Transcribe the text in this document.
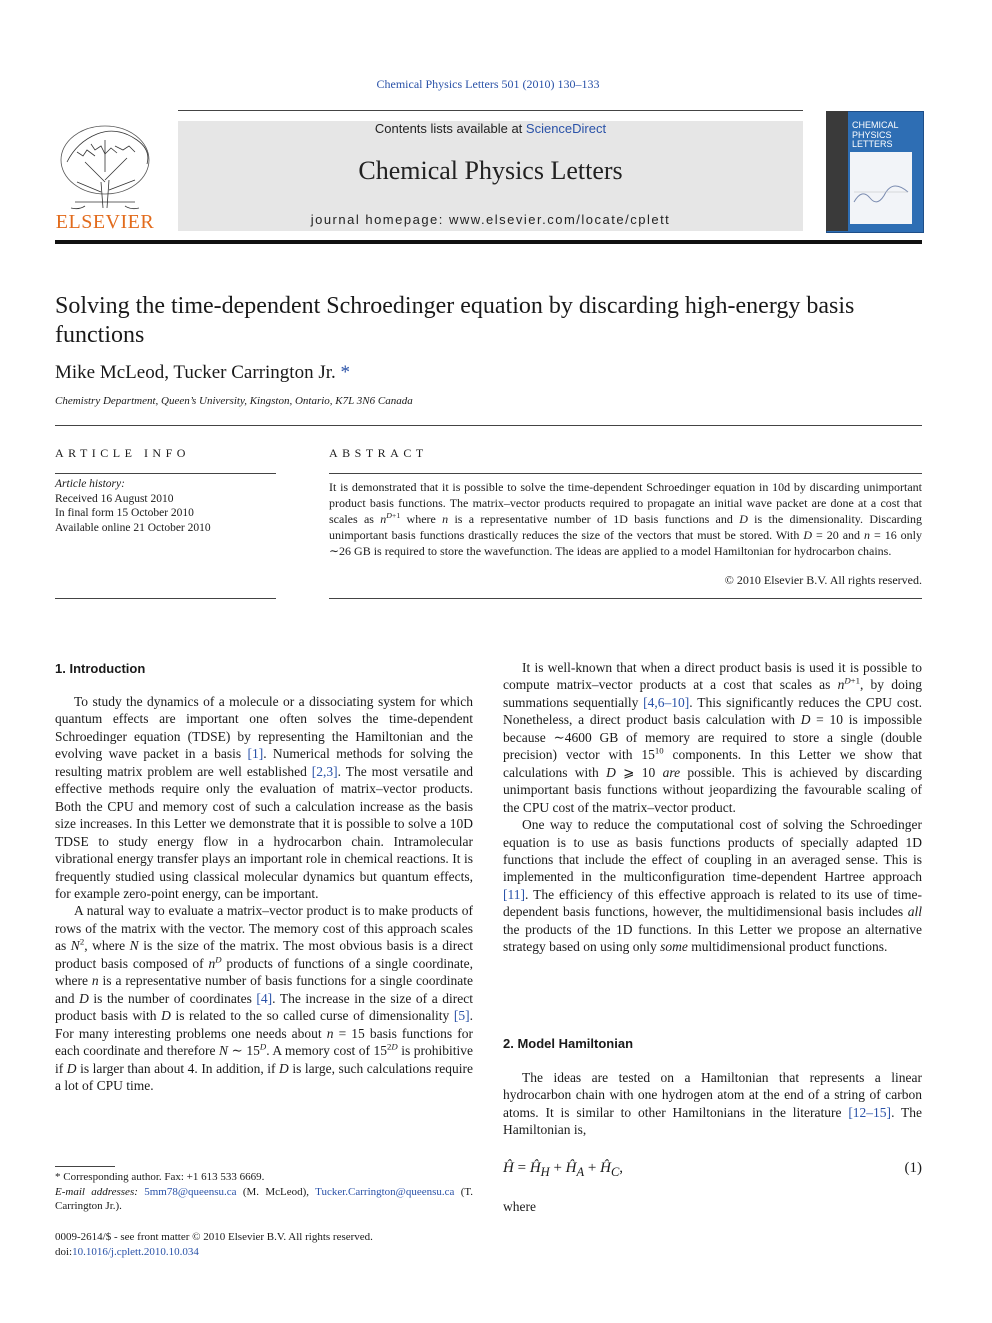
Chemical Physics Letters 501 (2010) 130–133
Contents lists available at ScienceDirect
Chemical Physics Letters
journal homepage: www.elsevier.com/locate/cplett
ELSEVIER
CHEMICAL PHYSICS LETTERS
Solving the time-dependent Schroedinger equation by discarding high-energy basis functions
Mike McLeod, Tucker Carrington Jr. *
Chemistry Department, Queen’s University, Kingston, Ontario, K7L 3N6 Canada
ARTICLE INFO	ABSTRACT
Article history:
Received 16 August 2010
In final form 15 October 2010
Available online 21 October 2010
It is demonstrated that it is possible to solve the time-dependent Schroedinger equation in 10d by discarding unimportant product basis functions. The matrix–vector products required to propagate an initial wave packet are done at a cost that scales as $n^{D+1}$ where n is a representative number of 1D basis functions and D is the dimensionality. Discarding unimportant basis functions drastically reduces the size of the vectors that must be stored. With D = 20 and n = 16 only ∼26 GB is required to store the wavefunction. The ideas are applied to a model Hamiltonian for hydrocarbon chains.
© 2010 Elsevier B.V. All rights reserved.
1. Introduction

To study the dynamics of a molecule or a dissociating system for which quantum effects are important one often solves the time-dependent Schroedinger equation (TDSE) by representing the Hamiltonian and the evolving wave packet in a basis [1]. Numerical methods for solving the resulting matrix problem are well established [2,3]. The most versatile and effective methods require only the evaluation of matrix–vector products. Both the CPU and memory cost of such a calculation increase as the basis size increases. In this Letter we demonstrate that it is possible to solve a 10D TDSE to study energy flow in a hydrocarbon chain. Intramolecular vibrational energy transfer plays an important role in chemical reactions. It is frequently studied using classical molecular dynamics but quantum effects, for example zero-point energy, can be important.

A natural way to evaluate a matrix–vector product is to make products of rows of the matrix with the vector. The memory cost of this approach scales as $N^2$, where N is the size of the matrix. The most obvious basis is a direct product basis composed of $n^D$ products of functions of a single coordinate, where n is a representative number of basis functions for a single coordinate and D is the number of coordinates [4]. The increase in the size of a direct product basis with D is related to the so called curse of dimensionality [5]. For many interesting problems one needs about n = 15 basis functions for each coordinate and therefore N ∼ $15^D$. A memory cost of $15^{2D}$ is prohibitive if D is larger than about 4. In addition, if D is large, such calculations require a lot of CPU time.

It is well-known that when a direct product basis is used it is possible to compute matrix–vector products at a cost that scales as $n^{D+1}$, by doing summations sequentially [4,6–10]. This significantly reduces the CPU cost. Nonetheless, a direct product basis calculation with D = 10 is impossible because ∼4600 GB of memory are required to store a single (double precision) vector with $15^{10}$ components. In this Letter we show that calculations with D ⩾ 10 are possible. This is achieved by discarding unimportant basis functions without jeopardizing the favourable scaling of the CPU cost of the matrix–vector product.

One way to reduce the computational cost of solving the Schroedinger equation is to use as basis functions products of specially adapted 1D functions that include the effect of coupling in an averaged sense. This is implemented in the multiconfiguration time-dependent Hartree approach [11]. The efficiency of this effective approach is related to its use of time-dependent basis functions, however, the multidimensional basis includes all the products of the 1D functions. In this Letter we propose an alternative strategy based on using only some multidimensional product functions.

2. Model Hamiltonian

The ideas are tested on a Hamiltonian that represents a linear hydrocarbon chain with one hydrogen atom at the end of a string of carbon atoms. It is similar to other Hamiltonians in the literature [12–15]. The Hamiltonian is,

Ĥ = $Ĥ_H$ + $Ĥ_A$ + $Ĥ_C$,	(1)
where
* Corresponding author. Fax: +1 613 533 6669.
E-mail addresses: 5mm78@queensu.ca (M. McLeod), Tucker.Carrington@queensu.ca (T. Carrington Jr.).
0009-2614/$ - see front matter © 2010 Elsevier B.V. All rights reserved.
doi:10.1016/j.cplett.2010.10.034
